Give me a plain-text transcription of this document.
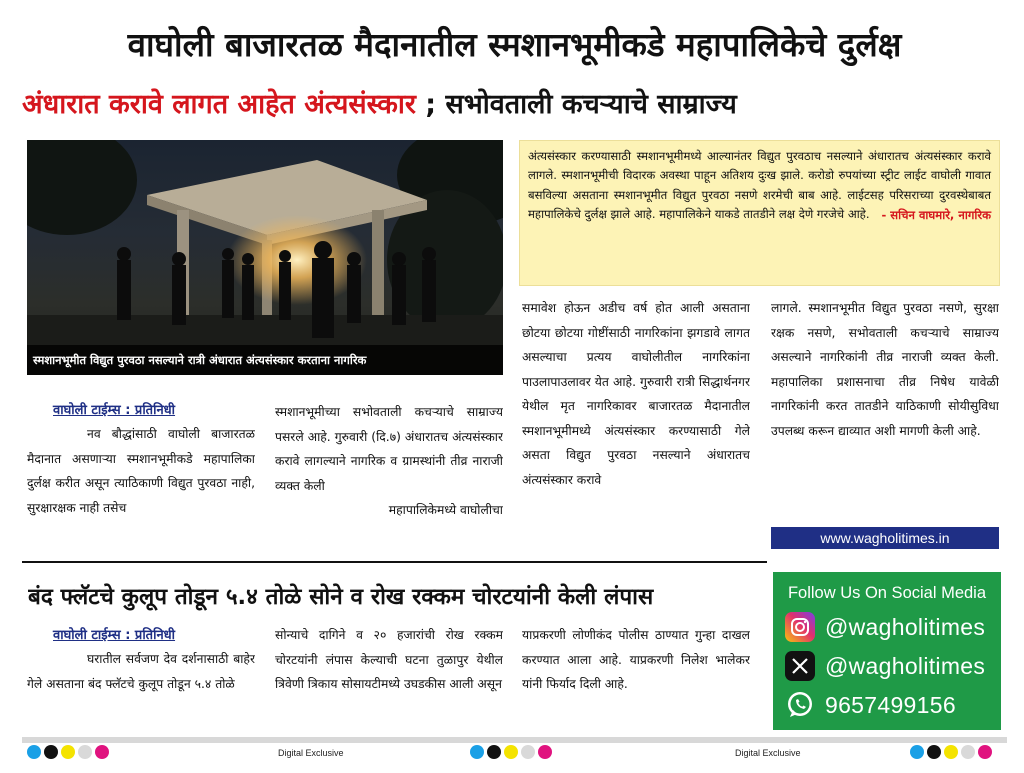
वाघोली बाजारतळ मैदानातील स्मशानभूमीकडे महापालिकेचे दुर्लक्ष
अंधारात करावे लागत आहेत अंत्यसंस्कार ; सभोवताली कचऱ्याचे साम्राज्य
स्मशानभूमीत विद्युत पुरवठा नसल्याने रात्री अंधारात अंत्यसंस्कार करताना नागरिक
अंत्यसंस्कार करण्यासाठी स्मशानभूमीमध्ये आल्यानंतर विद्युत पुरवठाच नसल्याने अंधारातच अंत्यसंस्कार करावे लागले. स्मशानभूमीची विदारक अवस्था पाहून अतिशय दुःख झाले. करोडो रुपयांच्या स्ट्रीट लाईट वाघोली गावात बसविल्या असताना स्मशानभूमीत विद्युत पुरवठा नसणे शरमेची बाब आहे. लाईटसह परिसराच्या दुरवस्थेबाबत महापालिकेचे दुर्लक्ष झाले आहे. महापालिकेने याकडे तातडीने लक्ष देणे गरजेचे आहे.	- सचिन वाघमारे, नागरिक
वाघोली टाईम्स : प्रतिनिधी
नव बौद्धांसाठी वाघोली बाजारतळ मैदानात असणाऱ्या स्मशानभूमीकडे महापालिका दुर्लक्ष करीत असून त्याठिकाणी विद्युत पुरवठा नाही, सुरक्षारक्षक नाही तसेच
स्मशानभूमीच्या सभोवताली कचऱ्याचे साम्राज्य पसरले आहे. गुरुवारी (दि.७) अंधारातच अंत्यसंस्कार करावे लागल्याने नागरिक व ग्रामस्थांनी तीव्र नाराजी व्यक्त केली
महापालिकेमध्ये वाघोलीचा
समावेश होऊन अडीच वर्ष होत आली असताना छोटया छोटया गोष्टींसाठी नागरिकांना झगडावे लागत असल्याचा प्रत्यय वाघोलीतील नागरिकांना पाउलापाउलावर येत आहे. गुरुवारी रात्री सिद्धार्थनगर येथील मृत नागरिकावर बाजारतळ मैदानातील स्मशानभूमीमध्ये अंत्यसंस्कार करण्यासाठी गेले असता विद्युत पुरवठा नसल्याने अंधारातच अंत्यसंस्कार करावे
लागले. स्मशानभूमीत विद्युत पुरवठा नसणे, सुरक्षा रक्षक नसणे, सभोवताली कचऱ्याचे साम्राज्य असल्याने नागरिकांनी तीव्र नाराजी व्यक्त केली. महापालिका प्रशासनाचा तीव्र निषेध यावेळी नागरिकांनी करत तातडीने याठिकाणी सोयीसुविधा उपलब्ध करून द्याव्यात अशी मागणी केली आहे.
www.wagholitimes.in
बंद फ्लॅटचे कुलूप तोडून ५.४ तोळे सोने व रोख रक्कम चोरटयांनी केली लंपास
वाघोली टाईम्स : प्रतिनिधी
घरातील सर्वजण देव दर्शनासाठी बाहेर गेले असताना बंद फ्लॅटचे कुलूप तोडून ५.४ तोळे
सोन्याचे दागिने व २० हजारांची रोख रक्कम चोरटयांनी लंपास केल्याची घटना तुळापुर येथील त्रिवेणी त्रिकाय सोसायटीमध्ये उघडकीस आली असून
याप्रकरणी लोणीकंद पोलीस ठाण्यात गुन्हा दाखल करण्यात आला आहे. याप्रकरणी निलेश भालेकर यांनी फिर्याद दिली आहे.
Follow Us On Social Media
@wagholitimes
@wagholitimes
9657499156
Digital Exclusive	Digital Exclusive
